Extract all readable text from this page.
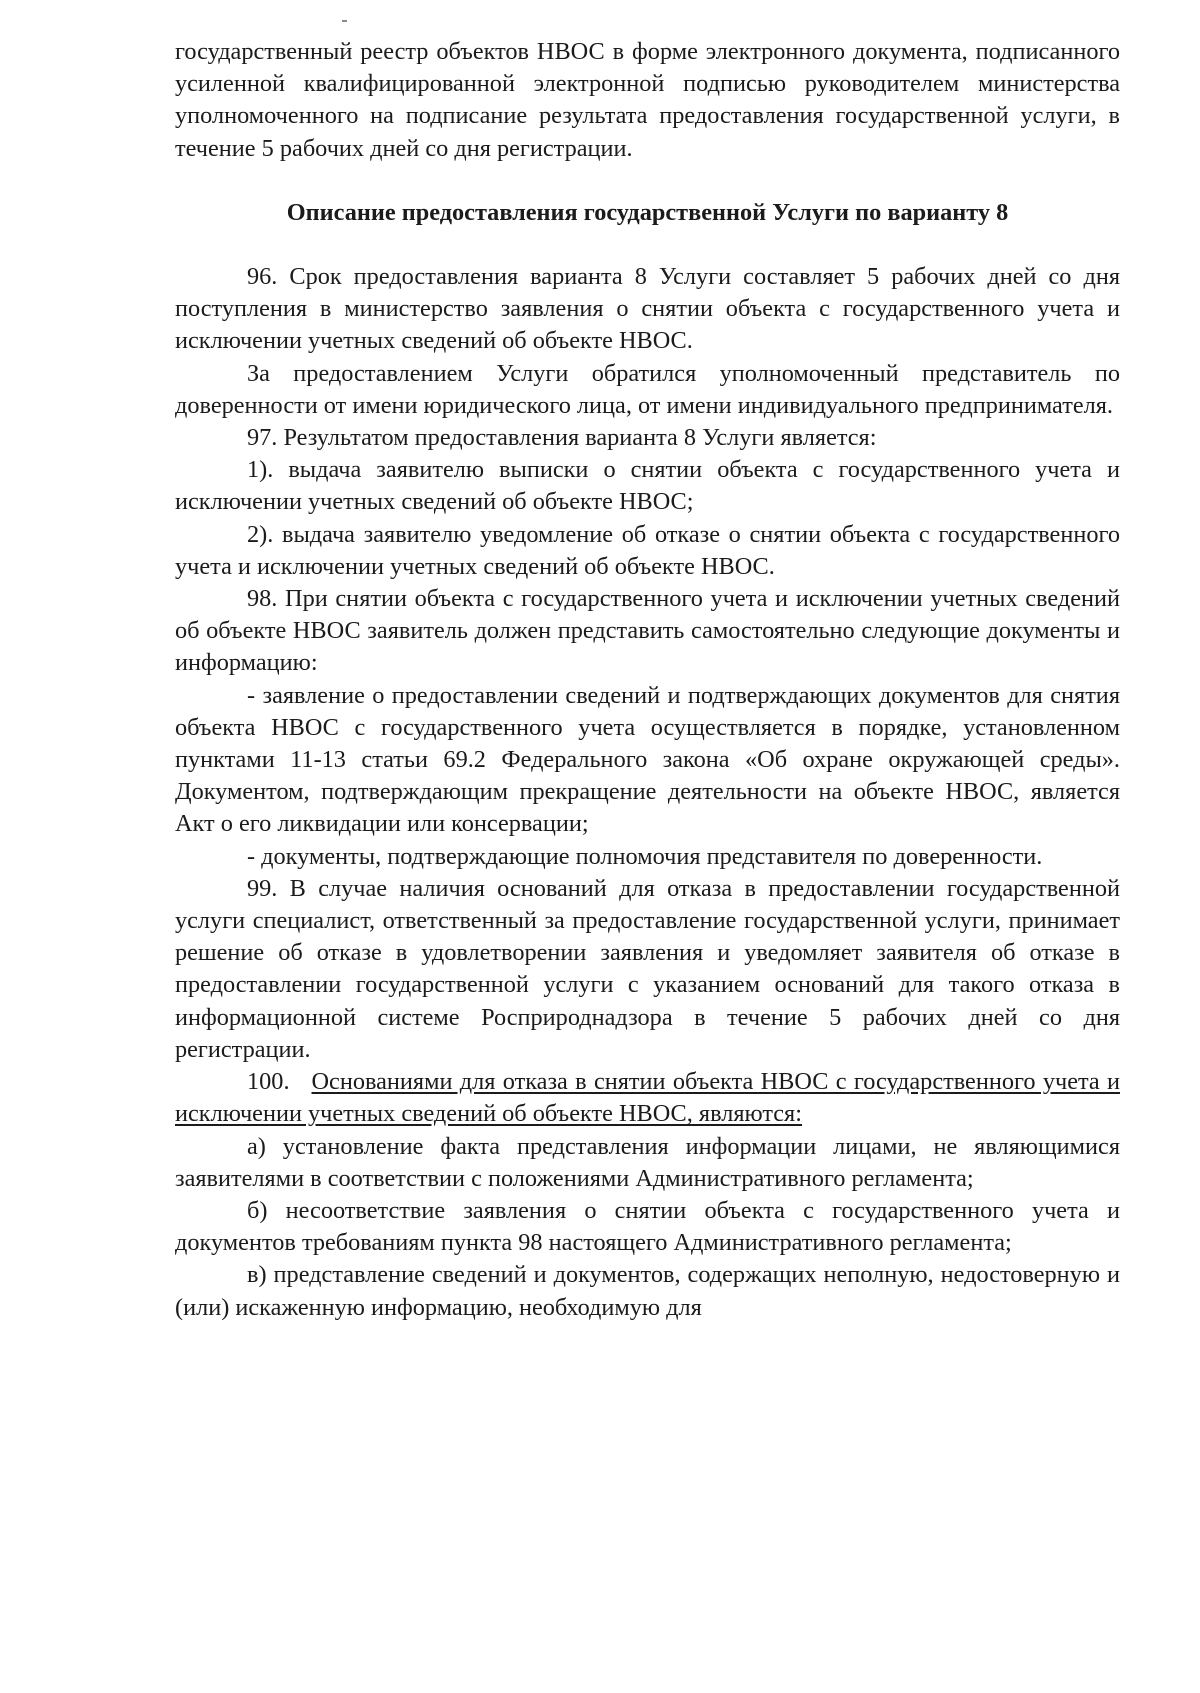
государственный реестр объектов НВОС в форме электронного документа, подписанного усиленной квалифицированной электронной подписью руководителем министерства уполномоченного на подписание результата предоставления государственной услуги, в течение 5 рабочих дней со дня регистрации.

Описание предоставления государственной Услуги по варианту 8

96. Срок предоставления варианта 8 Услуги составляет 5 рабочих дней со дня поступления в министерство заявления о снятии объекта с государственного учета и исключении учетных сведений об объекте НВОС.

За предоставлением Услуги обратился уполномоченный представитель по доверенности от имени юридического лица, от имени индивидуального предпринимателя.

97. Результатом предоставления варианта 8 Услуги является:

1). выдача заявителю выписки о снятии объекта с государственного учета и исключении учетных сведений об объекте НВОС;

2). выдача заявителю уведомление об отказе о снятии объекта с государственного учета и исключении учетных сведений об объекте НВОС.

98. При снятии объекта с государственного учета и исключении учетных сведений об объекте НВОС заявитель должен представить самостоятельно следующие документы и информацию:

- заявление о предоставлении сведений и подтверждающих документов для снятия объекта НВОС с государственного учета осуществляется в порядке, установленном пунктами 11-13 статьи 69.2 Федерального закона «Об охране окружающей среды». Документом, подтверждающим прекращение деятельности на объекте НВОС, является Акт о его ликвидации или консервации;

- документы, подтверждающие полномочия представителя по доверенности.

99. В случае наличия оснований для отказа в предоставлении государственной услуги специалист, ответственный за предоставление государственной услуги, принимает решение об отказе в удовлетворении заявления и уведомляет заявителя об отказе в предоставлении государственной услуги с указанием оснований для такого отказа в информационной системе Росприроднадзора в течение 5 рабочих дней со дня регистрации.

100. Основаниями для отказа в снятии объекта НВОС с государственного учета и исключении учетных сведений об объекте НВОС, являются:

а) установление факта представления информации лицами, не являющимися заявителями в соответствии с положениями Административного регламента;

б) несоответствие заявления о снятии объекта с государственного учета и документов требованиям пункта 98 настоящего Административного регламента;

в) представление сведений и документов, содержащих неполную, недостоверную и (или) искаженную информацию, необходимую для
